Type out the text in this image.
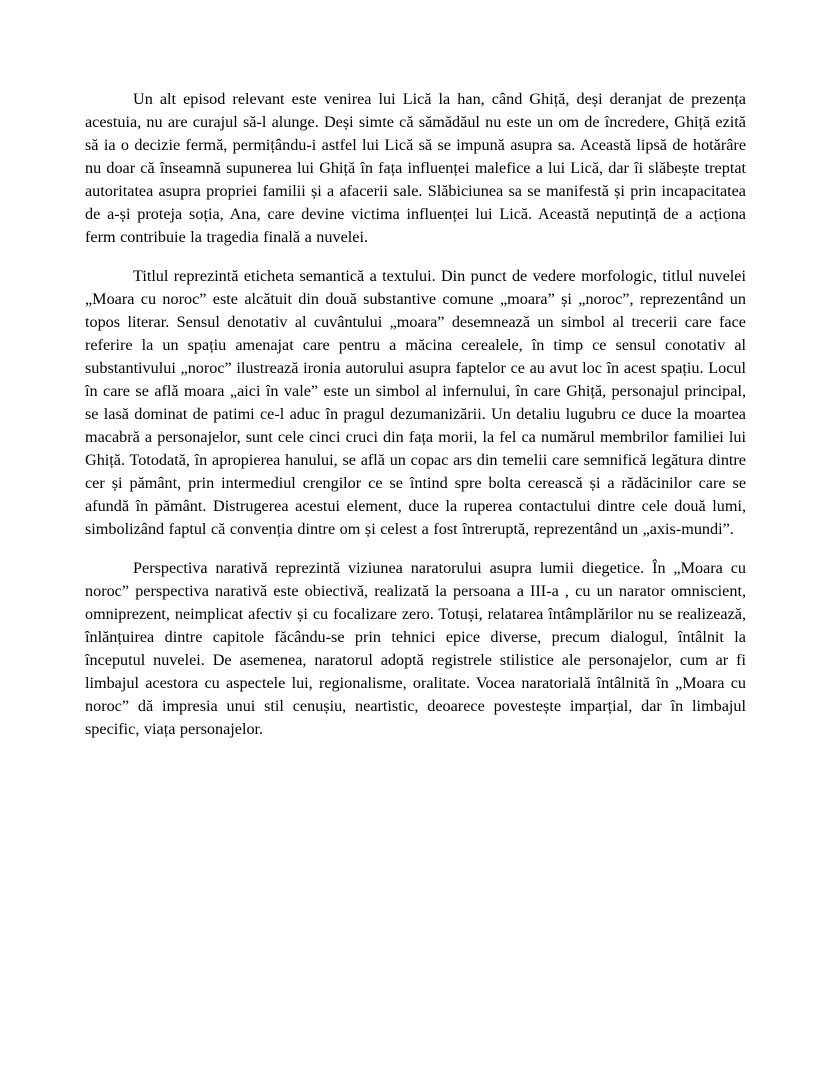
Un alt episod relevant este venirea lui Lică la han, când Ghiță, deși deranjat de prezența acestuia, nu are curajul să-l alunge. Deși simte că sămădăul nu este un om de încredere, Ghiță ezită să ia o decizie fermă, permițându-i astfel lui Lică să se impună asupra sa. Această lipsă de hotărâre nu doar că înseamnă supunerea lui Ghiță în fața influenței malefice a lui Lică, dar îi slăbește treptat autoritatea asupra propriei familii și a afacerii sale. Slăbiciunea sa se manifestă și prin incapacitatea de a-și proteja soția, Ana, care devine victima influenței lui Lică. Această neputință de a acționa ferm contribuie la tragedia finală a nuvelei.

Titlul reprezintă eticheta semantică a textului. Din punct de vedere morfologic, titlul nuvelei „Moara cu noroc” este alcătuit din două substantive comune „moara” și „noroc”, reprezentând un topos literar. Sensul denotativ al cuvântului „moara” desemnează un simbol al trecerii care face referire la un spațiu amenajat care pentru a măcina cerealele, în timp ce sensul conotativ al substantivului „noroc” ilustrează ironia autorului asupra faptelor ce au avut loc în acest spațiu. Locul în care se află moara „aici în vale” este un simbol al infernului, în care Ghiță, personajul principal, se lasă dominat de patimi ce-l aduc în pragul dezumanizării. Un detaliu lugubru ce duce la moartea macabră a personajelor, sunt cele cinci cruci din fața morii, la fel ca numărul membrilor familiei lui Ghiță. Totodată, în apropierea hanului, se află un copac ars din temelii care semnifică legătura dintre cer și pământ, prin intermediul crengilor ce se întind spre bolta cerească și a rădăcinilor care se afundă în pământ. Distrugerea acestui element, duce la ruperea contactului dintre cele două lumi, simbolizând faptul că convenția dintre om și celest a fost întreruptă, reprezentând un „axis-mundi”.

Perspectiva narativă reprezintă viziunea naratorului asupra lumii diegetice. În „Moara cu noroc” perspectiva narativă este obiectivă, realizată la persoana a III-a , cu un narator omniscient, omniprezent, neimplicat afectiv și cu focalizare zero. Totuși, relatarea întâmplărilor nu se realizează, înlănțuirea dintre capitole făcându-se prin tehnici epice diverse, precum dialogul, întâlnit la începutul nuvelei. De asemenea, naratorul adoptă registrele stilistice ale personajelor, cum ar fi limbajul acestora cu aspectele lui, regionalisme, oralitate. Vocea naratorială întâlnită în „Moara cu noroc” dă impresia unui stil cenușiu, neartistic, deoarece povestește imparțial, dar în limbajul specific, viața personajelor.
